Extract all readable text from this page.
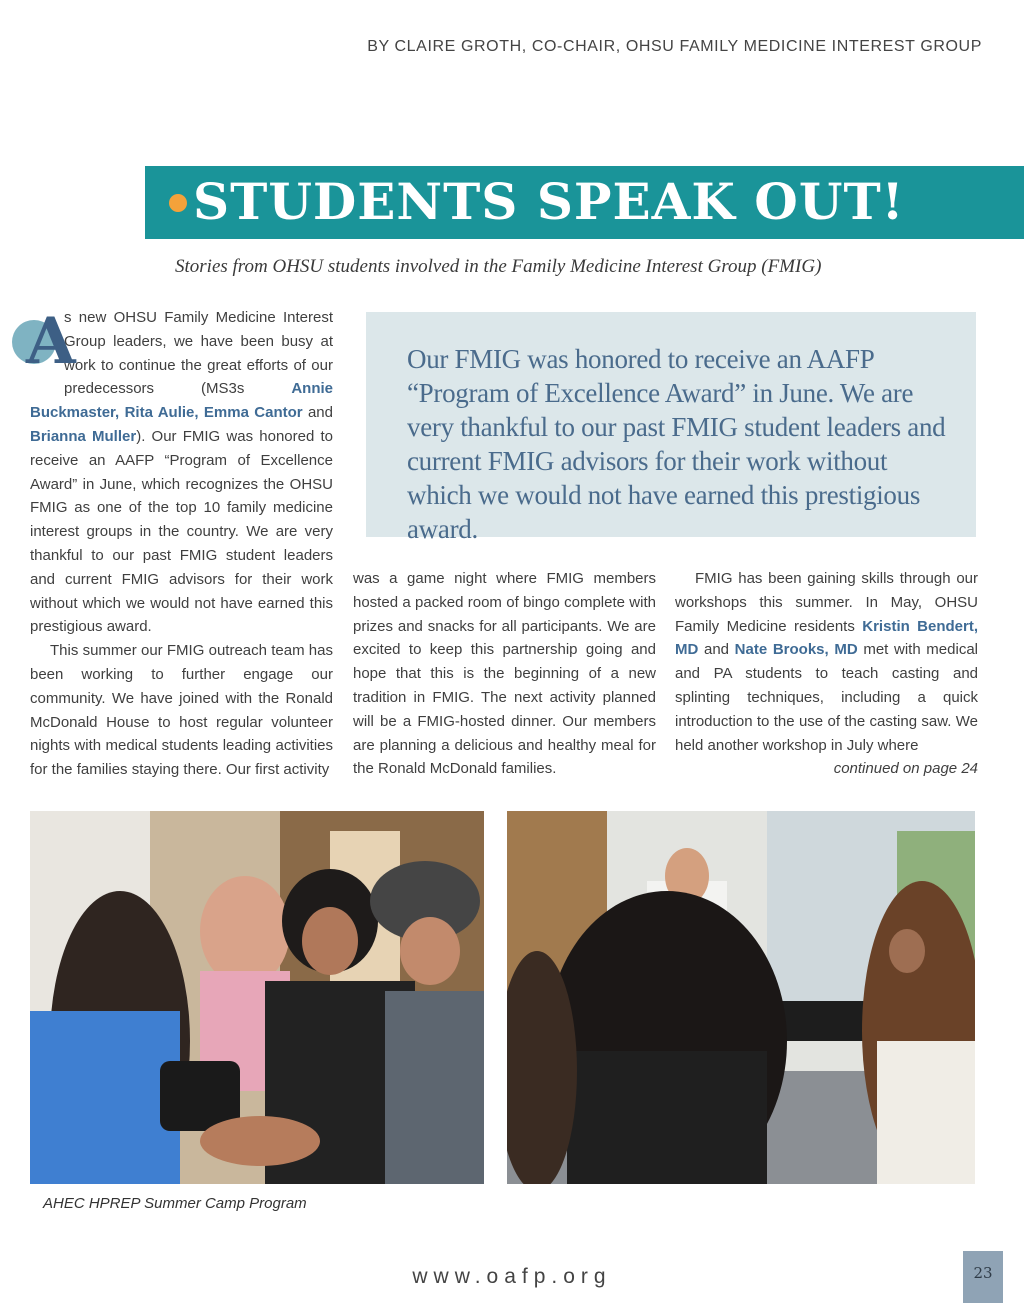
BY CLAIRE GROTH, CO-CHAIR, OHSU FAMILY MEDICINE INTEREST GROUP
STUDENTS SPEAK OUT!
Stories from OHSU students involved in the Family Medicine Interest Group (FMIG)
Our FMIG was honored to receive an AAFP “Program of Excellence Award” in June. We are very thankful to our past FMIG student leaders and current FMIG advisors for their work without which we would not have earned this prestigious award.

A
s new OHSU Family Medicine Interest Group leaders, we have been busy at work to continue the great efforts of our predecessors (MS3s Annie Buckmaster, Rita Aulie, Emma Cantor and Brianna Muller). Our FMIG was honored to receive an AAFP “Program of Excellence Award” in June, which recognizes the OHSU FMIG as one of the top 10 family medicine interest groups in the country. We are very thankful to our past FMIG student leaders and current FMIG advisors for their work without which we would not have earned this prestigious award.

This summer our FMIG outreach team has been working to further engage our community. We have joined with the Ronald McDonald House to host regular volunteer nights with medical students leading activities for the families staying there. Our first activity

was a game night where FMIG members hosted a packed room of bingo complete with prizes and snacks for all participants. We are excited to keep this partnership going and hope that this is the beginning of a new tradition in FMIG. The next activity planned will be a FMIG-hosted dinner. Our members are planning a delicious and healthy meal for the Ronald McDonald families.

FMIG has been gaining skills through our workshops this summer. In May, OHSU Family Medicine residents Kristin Bendert, MD and Nate Brooks, MD met with medical and PA students to teach casting and splinting techniques, including a quick introduction to the use of the casting saw. We held another workshop in July where

continued on page 24

AHEC HPREP Summer Camp Program
www.oafp.org	23
